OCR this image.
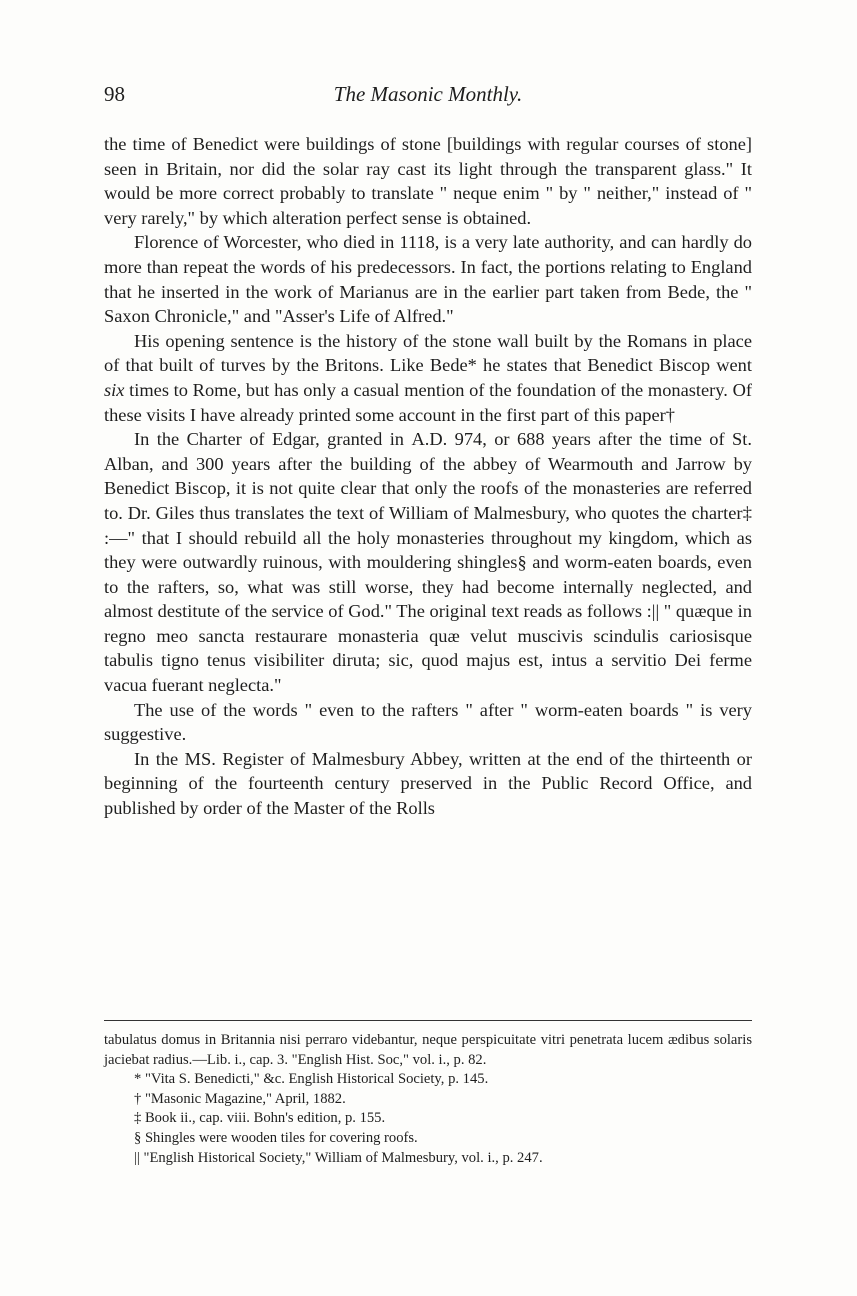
98	The Masonic Monthly.

the time of Benedict were buildings of stone [buildings with regular courses of stone] seen in Britain, nor did the solar ray cast its light through the transparent glass." It would be more correct probably to translate " neque enim " by " neither," instead of " very rarely," by which alteration perfect sense is obtained.

Florence of Worcester, who died in 1118, is a very late authority, and can hardly do more than repeat the words of his predecessors. In fact, the portions relating to England that he inserted in the work of Marianus are in the earlier part taken from Bede, the " Saxon Chronicle," and "Asser's Life of Alfred."

His opening sentence is the history of the stone wall built by the Romans in place of that built of turves by the Britons. Like Bede* he states that Benedict Biscop went six times to Rome, but has only a casual mention of the foundation of the monastery. Of these visits I have already printed some account in the first part of this paper†

In the Charter of Edgar, granted in A.D. 974, or 688 years after the time of St. Alban, and 300 years after the building of the abbey of Wearmouth and Jarrow by Benedict Biscop, it is not quite clear that only the roofs of the monasteries are referred to. Dr. Giles thus translates the text of William of Malmesbury, who quotes the charter‡ :—" that I should rebuild all the holy monasteries throughout my kingdom, which as they were outwardly ruinous, with mouldering shingles§ and worm-eaten boards, even to the rafters, so, what was still worse, they had become internally neglected, and almost destitute of the service of God." The original text reads as follows :|| " quæque in regno meo sancta restaurare monasteria quæ velut muscivis scindulis cariosisque tabulis tigno tenus visibiliter diruta; sic, quod majus est, intus a servitio Dei ferme vacua fuerant neglecta."

The use of the words " even to the rafters " after " worm-eaten boards " is very suggestive.

In the MS. Register of Malmesbury Abbey, written at the end of the thirteenth or beginning of the fourteenth century preserved in the Public Record Office, and published by order of the Master of the Rolls

tabulatus domus in Britannia nisi perraro videbantur, neque perspicuitate vitri penetrata lucem ædibus solaris jaciebat radius.—Lib. i., cap. 3. "English Hist. Soc," vol. i., p. 82.

* "Vita S. Benedicti," &c. English Historical Society, p. 145.

† "Masonic Magazine," April, 1882.

‡ Book ii., cap. viii. Bohn's edition, p. 155.

§ Shingles were wooden tiles for covering roofs.

|| "English Historical Society," William of Malmesbury, vol. i., p. 247.
